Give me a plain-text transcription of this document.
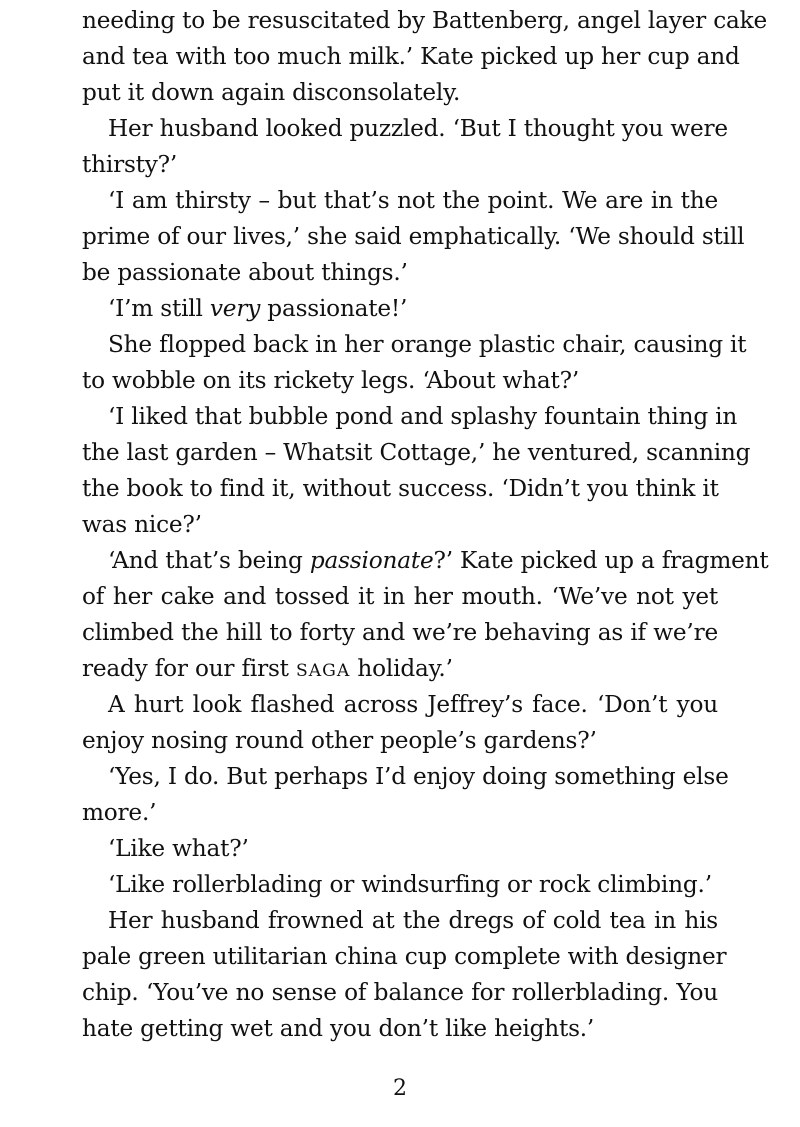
needing to be resuscitated by Battenberg, angel layer cake
and tea with too much milk.’ Kate picked up her cup and
put it down again disconsolately.
Her husband looked puzzled. ‘But I thought you were
thirsty?’
‘I am thirsty – but that’s not the point. We are in the
prime of our lives,’ she said emphatically. ‘We should still
be passionate about things.’
‘I’m still very passionate!’
She flopped back in her orange plastic chair, causing it
to wobble on its rickety legs. ‘About what?’
‘I liked that bubble pond and splashy fountain thing in
the last garden – Whatsit Cottage,’ he ventured, scanning
the book to find it, without success. ‘Didn’t you think it
was nice?’
‘And that’s being passionate?’ Kate picked up a fragment
of her cake and tossed it in her mouth. ‘We’ve not yet
climbed the hill to forty and we’re behaving as if we’re
ready for our first SAGA holiday.’
A hurt look flashed across Jeffrey’s face. ‘Don’t you
enjoy nosing round other people’s gardens?’
‘Yes, I do. But perhaps I’d enjoy doing something else
more.’
‘Like what?’
‘Like rollerblading or windsurfing or rock climbing.’
Her husband frowned at the dregs of cold tea in his
pale green utilitarian china cup complete with designer
chip. ‘You’ve no sense of balance for rollerblading. You
hate getting wet and you don’t like heights.’
2
